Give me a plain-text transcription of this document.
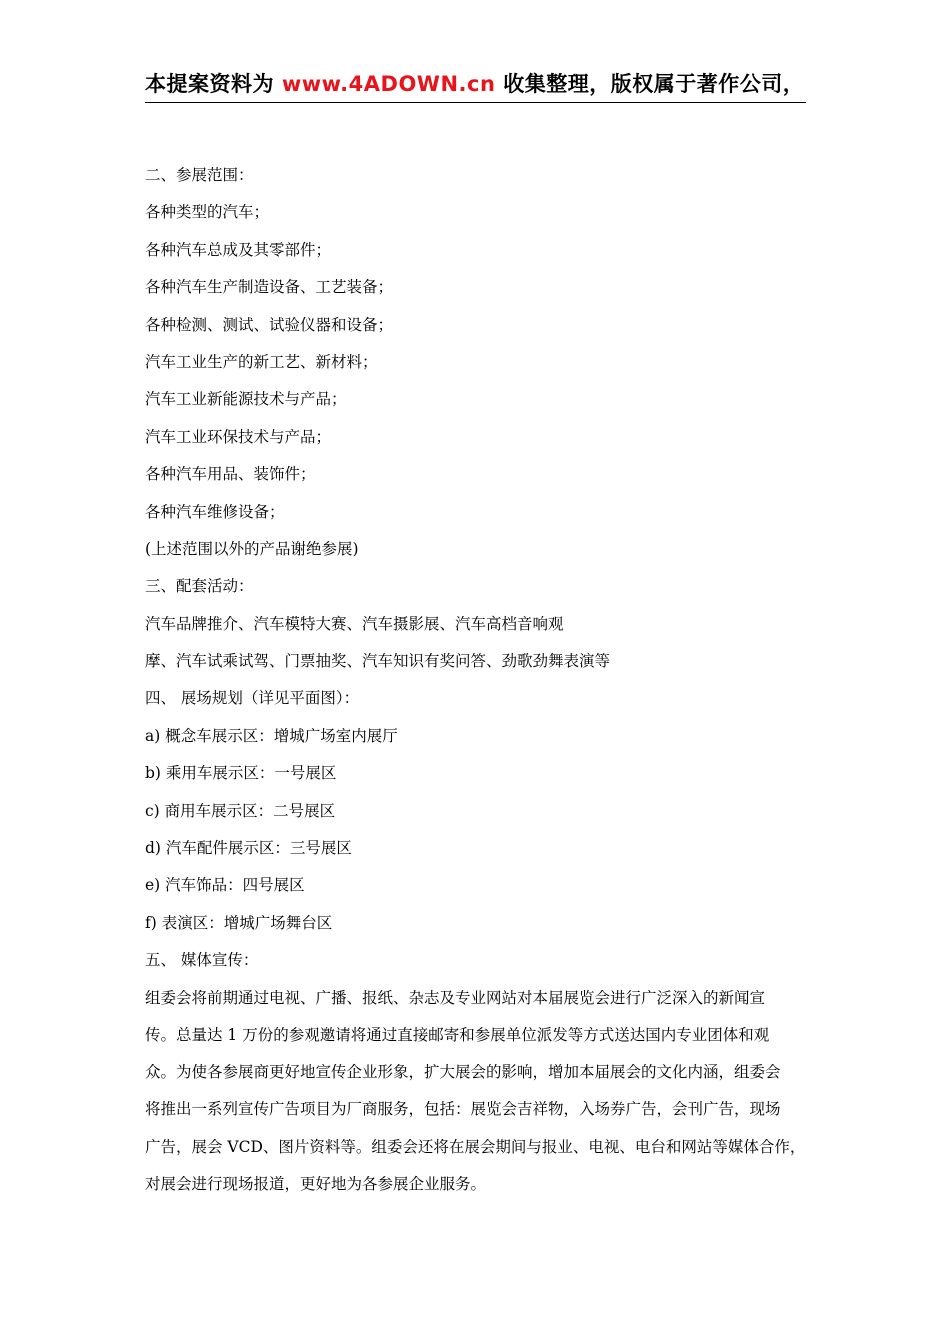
本提案资料为 www.4ADOWN.cn 收集整理，版权属于著作公司，
二、参展范围：
各种类型的汽车；
各种汽车总成及其零部件；
各种汽车生产制造设备、工艺装备；
各种检测、测试、试验仪器和设备；
汽车工业生产的新工艺、新材料；
汽车工业新能源技术与产品；
汽车工业环保技术与产品；
各种汽车用品、装饰件；
各种汽车维修设备；
(上述范围以外的产品谢绝参展)
三、配套活动：
汽车品牌推介、汽车模特大赛、汽车摄影展、汽车高档音响观
摩、汽车试乘试驾、门票抽奖、汽车知识有奖问答、劲歌劲舞表演等
四、 展场规划（详见平面图）：
a) 概念车展示区：增城广场室内展厅
b) 乘用车展示区：一号展区
c) 商用车展示区：二号展区
d) 汽车配件展示区：三号展区
e) 汽车饰品：四号展区
f) 表演区：增城广场舞台区
五、 媒体宣传：
组委会将前期通过电视、广播、报纸、杂志及专业网站对本届展览会进行广泛深入的新闻宣
传。总量达 1 万份的参观邀请将通过直接邮寄和参展单位派发等方式送达国内专业团体和观
众。为使各参展商更好地宣传企业形象，扩大展会的影响，增加本届展会的文化内涵，组委会
将推出一系列宣传广告项目为厂商服务，包括：展览会吉祥物，入场券广告，会刊广告，现场
广告，展会 VCD、图片资料等。组委会还将在展会期间与报业、电视、电台和网站等媒体合作，
对展会进行现场报道，更好地为各参展企业服务。
